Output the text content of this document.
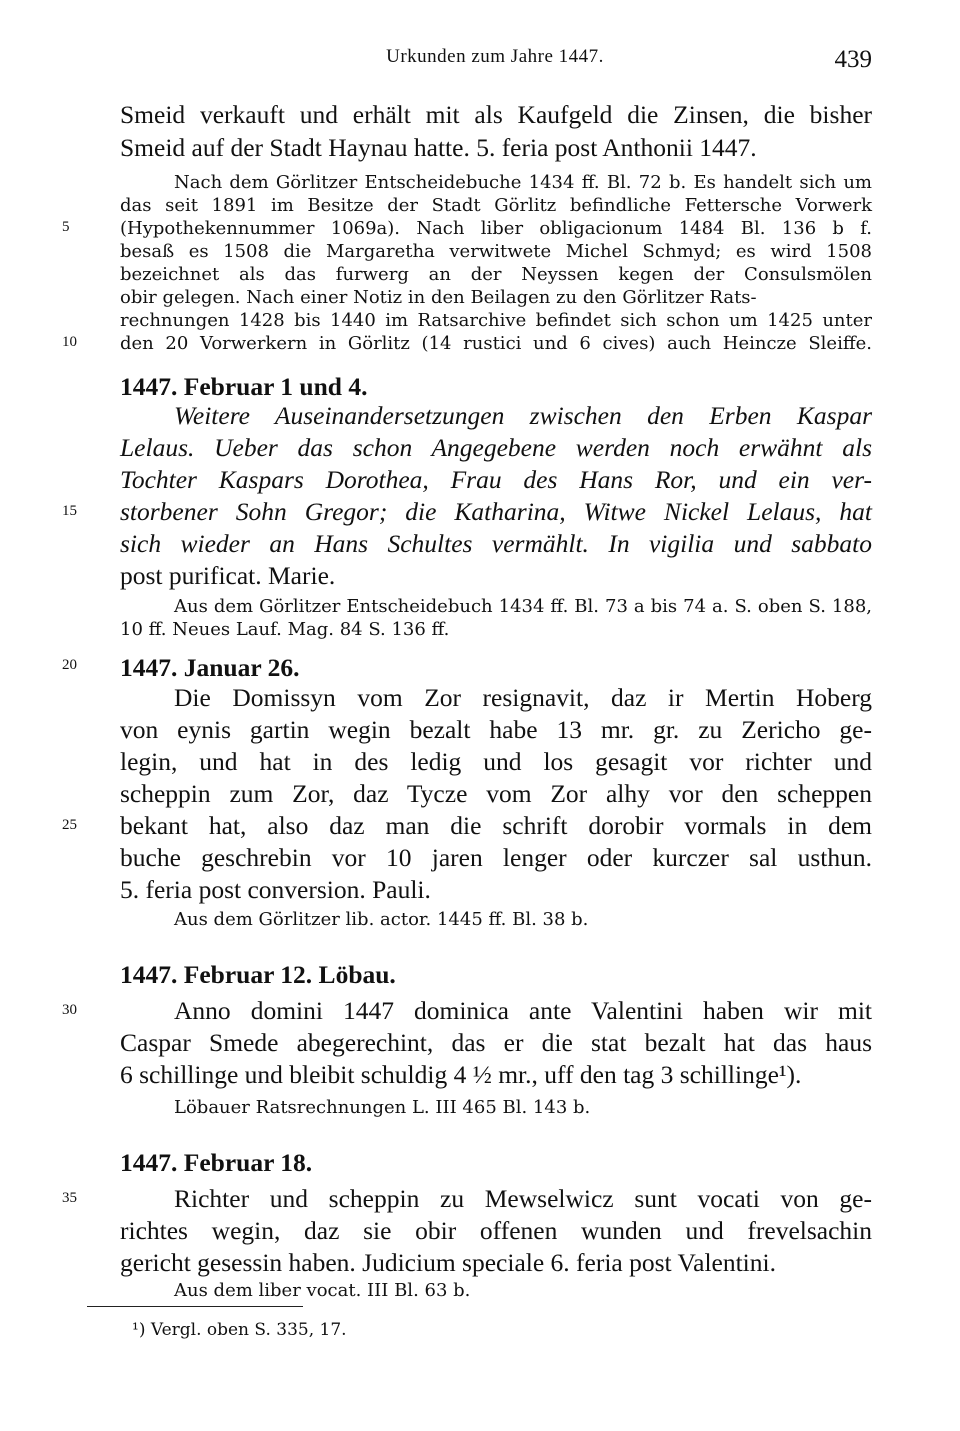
Urkunden zum Jahre 1447.	439
Smeid verkauft und erhält mit als Kaufgeld die Zinsen, die bisher
Smeid auf der Stadt Haynau hatte. 5. feria post Anthonii 1447.
Nach dem Görlitzer Entscheidebuche 1434 ff. Bl. 72 b. Es handelt sich um
das seit 1891 im Besitze der Stadt Görlitz befindliche Fettersche Vorwerk
(Hypothekennummer 1069a). Nach liber obligacionum 1484 Bl. 136 b f.
besaß es 1508 die Margaretha verwitwete Michel Schmyd; es wird 1508
bezeichnet als das furwerg an der Neyssen kegen der Consulsmölen
obir gelegen. Nach einer Notiz in den Beilagen zu den Görlitzer Rats-
rechnungen 1428 bis 1440 im Ratsarchive befindet sich schon um 1425 unter
den 20 Vorwerkern in Görlitz (14 rustici und 6 cives) auch Heincze Sleiffe.
1447. Februar 1 und 4.
Weitere Auseinandersetzungen zwischen den Erben Kaspar
Lelaus. Ueber das schon Angegebene werden noch erwähnt als
Tochter Kaspars Dorothea, Frau des Hans Ror, und ein ver-
storbener Sohn Gregor; die Katharina, Witwe Nickel Lelaus, hat
sich wieder an Hans Schultes vermählt. In vigilia und sabbato
post purificat. Marie.
Aus dem Görlitzer Entscheidebuch 1434 ff. Bl. 73 a bis 74 a. S. oben S. 188,
10 ff. Neues Lauf. Mag. 84 S. 136 ff.
1447. Januar 26.
Die Domissyn vom Zor resignavit, daz ir Mertin Hoberg
von eynis gartin wegin bezalt habe 13 mr. gr. zu Zericho ge-
legin, und hat in des ledig und los gesagit vor richter und
scheppin zum Zor, daz Tycze vom Zor alhy vor den scheppen
bekant hat, also daz man die schrift dorobir vormals in dem
buche geschrebin vor 10 jaren lenger oder kurczer sal usthun.
5. feria post conversion. Pauli.
Aus dem Görlitzer lib. actor. 1445 ff. Bl. 38 b.
1447. Februar 12. Löbau.
Anno domini 1447 dominica ante Valentini haben wir mit
Caspar Smede abegerechint, das er die stat bezalt hat das haus
6 schillinge und bleibit schuldig 4 ½ mr., uff den tag 3 schillinge¹).
Löbauer Ratsrechnungen L. III 465 Bl. 143 b.
1447. Februar 18.
Richter und scheppin zu Mewselwicz sunt vocati von ge-
richtes wegin, daz sie obir offenen wunden und frevelsachin
gericht gesessin haben. Judicium speciale 6. feria post Valentini.
Aus dem liber vocat. III Bl. 63 b.
5
10
15
20
25
30
35
¹) Vergl. oben S. 335, 17.
